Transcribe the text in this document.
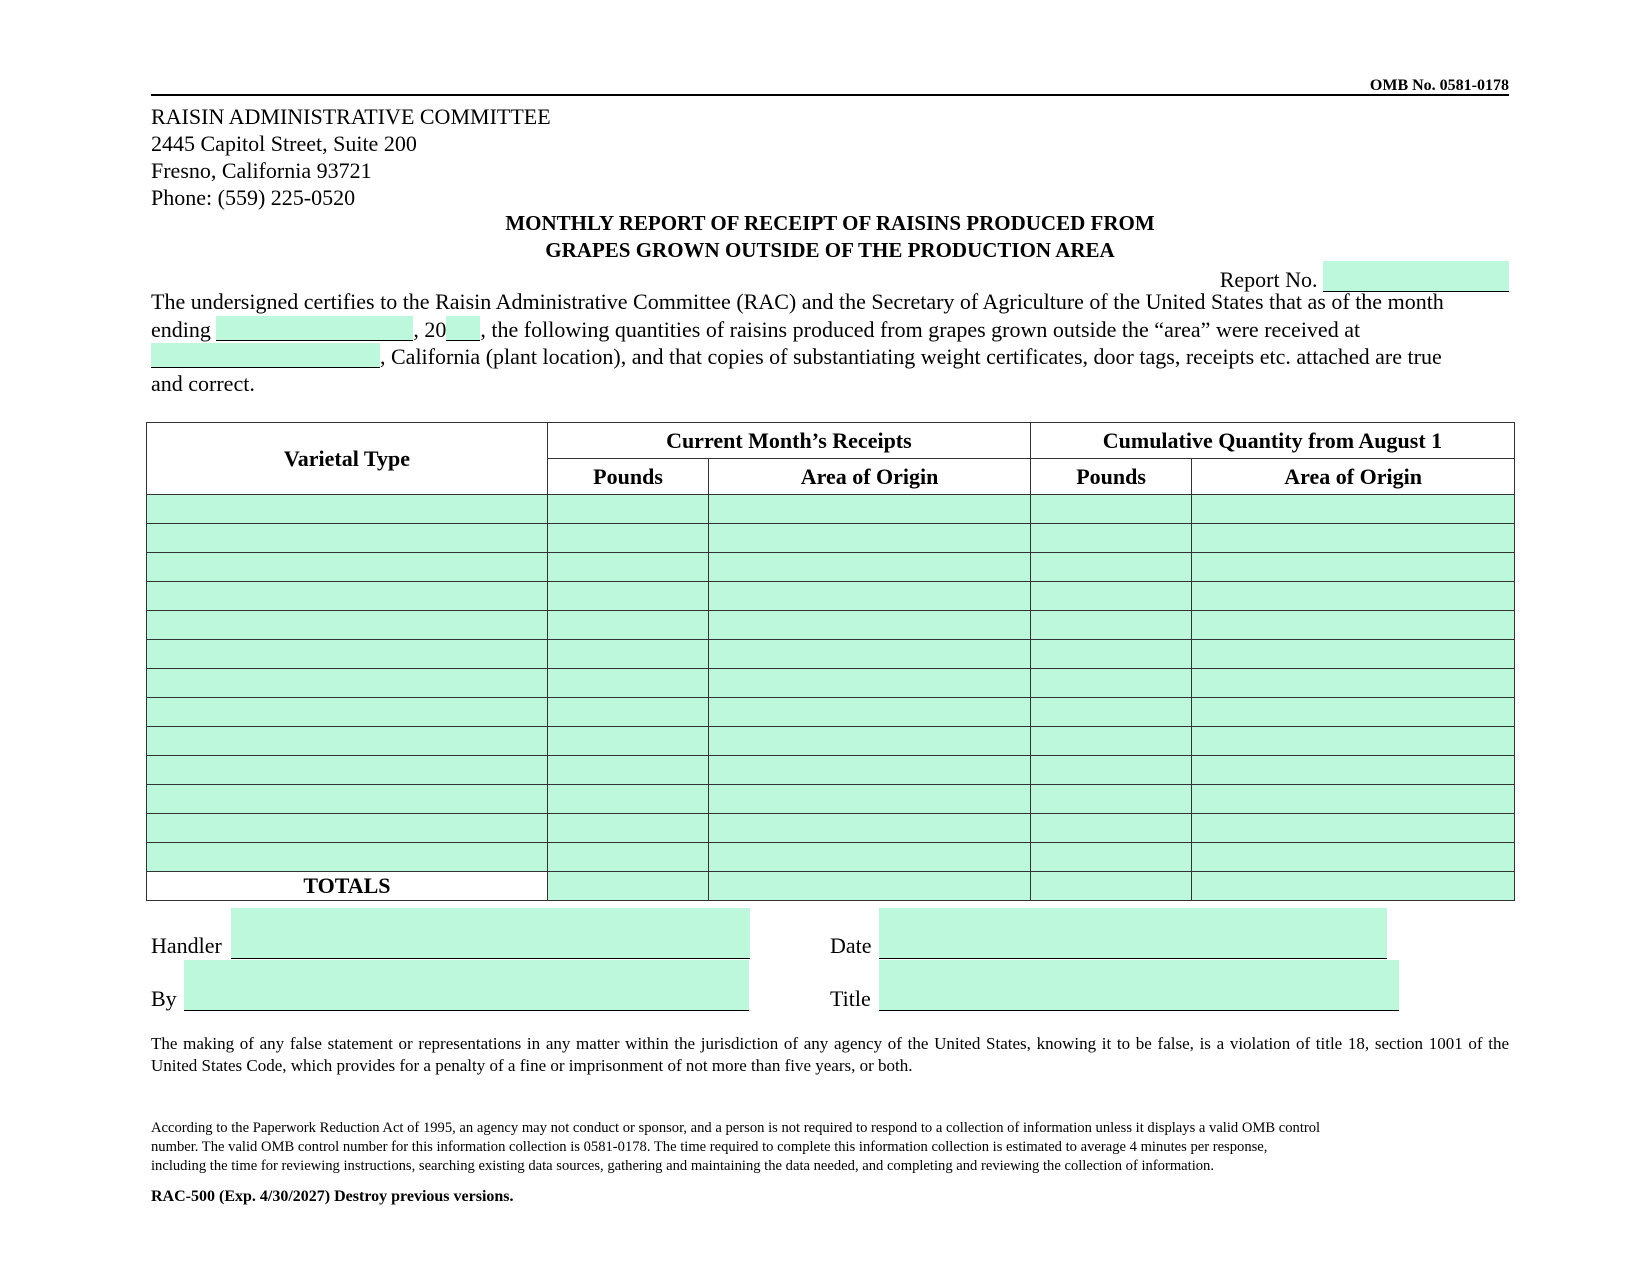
OMB No. 0581-0178
RAISIN ADMINISTRATIVE COMMITTEE
2445 Capitol Street, Suite 200
Fresno, California 93721
Phone: (559) 225-0520
MONTHLY REPORT OF RECEIPT OF RAISINS PRODUCED FROM
GRAPES GROWN OUTSIDE OF THE PRODUCTION AREA
Report No.
The undersigned certifies to the Raisin Administrative Committee (RAC) and the Secretary of Agriculture of the United States that as of the month
ending	, 20 , the following quantities of raisins produced from grapes grown outside the “area” were received at
, California (plant location), and that copies of substantiating weight certificates, door tags, receipts etc. attached are true
and correct.
Varietal Type	Current Month’s Receipts		Cumulative Quantity from August 1	
	Pounds	Area of Origin	Pounds	Area of Origin

TOTALS				
Handler	Date
By	Title
The making of any false statement or representations in any matter within the jurisdiction of any agency of the United States, knowing it to be false, is a violation of title 18, section 1001 of the United States Code, which provides for a penalty of a fine or imprisonment of not more than five years, or both.
According to the Paperwork Reduction Act of 1995, an agency may not conduct or sponsor, and a person is not required to respond to a collection of information unless it displays a valid OMB control
number. The valid OMB control number for this information collection is 0581-0178. The time required to complete this information collection is estimated to average 4 minutes per response,
including the time for reviewing instructions, searching existing data sources, gathering and maintaining the data needed, and completing and reviewing the collection of information.
RAC-500 (Exp. 4/30/2027) Destroy previous versions.
